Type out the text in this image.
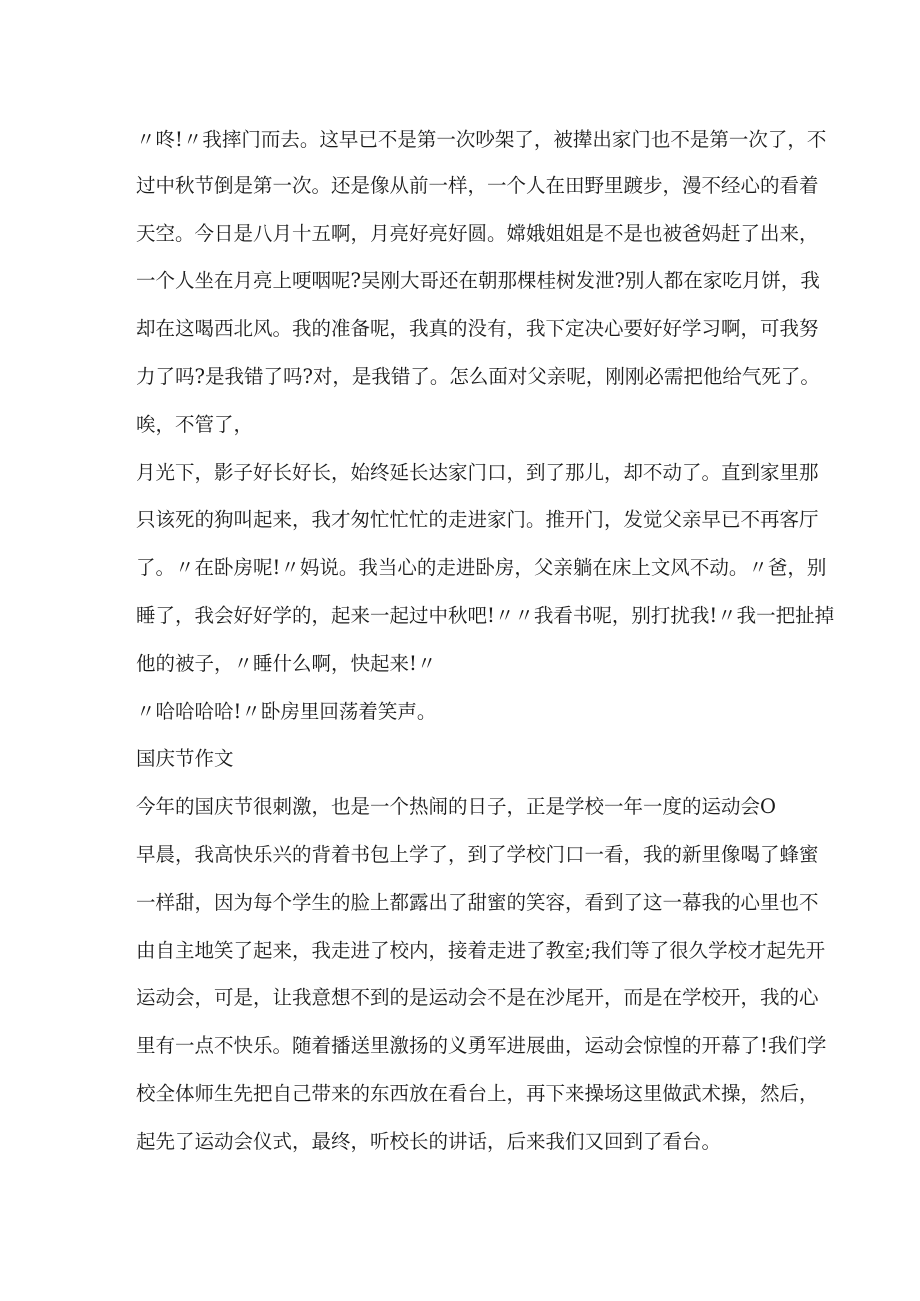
〃咚!〃我摔门而去。这早已不是第一次吵架了，被撵出家门也不是第一次了，不
过中秋节倒是第一次。还是像从前一样，一个人在田野里踱步，漫不经心的看着
天空。今日是八月十五啊，月亮好亮好圆。嫦娥姐姐是不是也被爸妈赶了出来，
一个人坐在月亮上哽咽呢?吴刚大哥还在朝那棵桂树发泄?别人都在家吃月饼，我
却在这喝西北风。我的准备呢，我真的没有，我下定决心要好好学习啊，可我努
力了吗?是我错了吗?对，是我错了。怎么面对父亲呢，刚刚必需把他给气死了。
唉，不管了，
月光下，影子好长好长，始终延长达家门口，到了那儿，却不动了。直到家里那
只该死的狗叫起来，我才匆忙忙忙的走进家门。推开门，发觉父亲早已不再客厅
了。〃在卧房呢!〃妈说。我当心的走进卧房，父亲躺在床上文风不动。〃爸，别
睡了，我会好好学的，起来一起过中秋吧!〃〃我看书呢，别打扰我!〃我一把扯掉
他的被子，〃睡什么啊，快起来!〃
〃哈哈哈哈!〃卧房里回荡着笑声。
国庆节作文
今年的国庆节很刺激，也是一个热闹的日子，正是学校一年一度的运动会O
早晨，我高快乐兴的背着书包上学了，到了学校门口一看，我的新里像喝了蜂蜜
一样甜，因为每个学生的脸上都露出了甜蜜的笑容，看到了这一幕我的心里也不
由自主地笑了起来，我走进了校内，接着走进了教室;我们等了很久学校才起先开
运动会，可是，让我意想不到的是运动会不是在沙尾开，而是在学校开，我的心
里有一点不快乐。随着播送里激扬的义勇军进展曲，运动会惊惶的开幕了!我们学
校全体师生先把自己带来的东西放在看台上，再下来操场这里做武术操，然后，
起先了运动会仪式，最终，听校长的讲话，后来我们又回到了看台。
